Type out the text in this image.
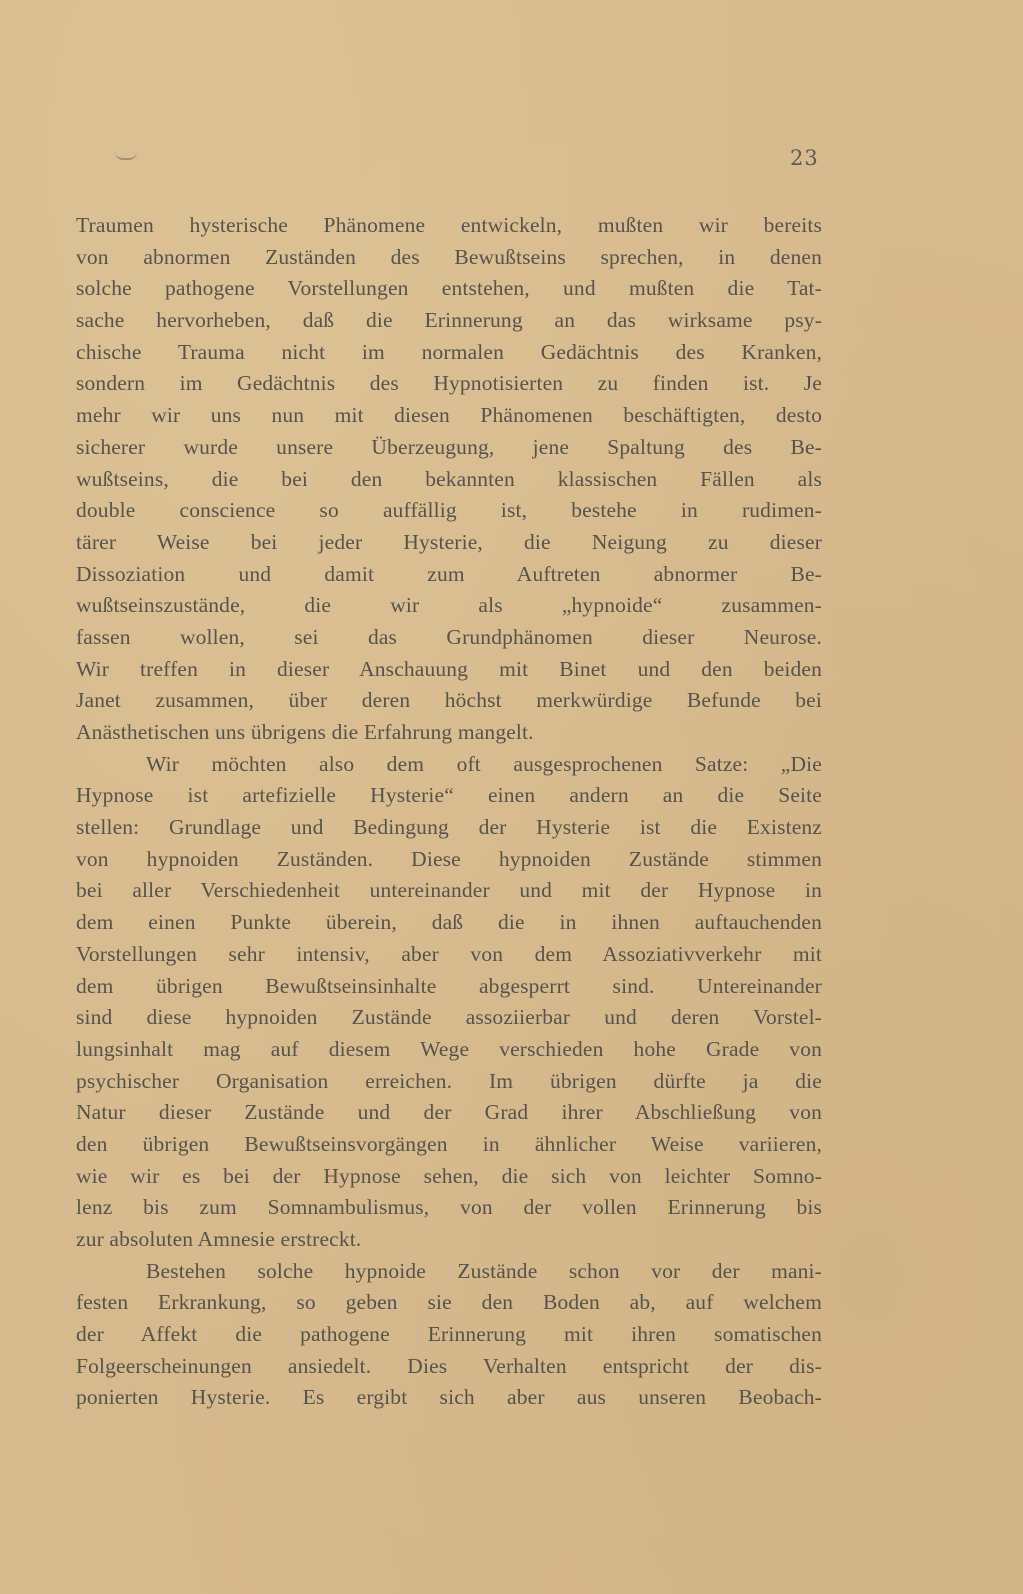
23
Traumen hysterische Phänomene entwickeln, mußten wir bereits
von abnormen Zuständen des Bewußtseins sprechen, in denen
solche pathogene Vorstellungen entstehen, und mußten die Tat-
sache hervorheben, daß die Erinnerung an das wirksame psy-
chische Trauma nicht im normalen Gedächtnis des Kranken,
sondern im Gedächtnis des Hypnotisierten zu finden ist. Je
mehr wir uns nun mit diesen Phänomenen beschäftigten, desto
sicherer wurde unsere Überzeugung, jene Spaltung des Be-
wußtseins, die bei den bekannten klassischen Fällen als
double conscience so auffällig ist, bestehe in rudimen-
tärer Weise bei jeder Hysterie, die Neigung zu dieser
Dissoziation und damit zum Auftreten abnormer Be-
wußtseinszustände, die wir als „hypnoide“ zusammen-
fassen wollen, sei das Grundphänomen dieser Neurose.
Wir treffen in dieser Anschauung mit Binet und den beiden
Janet zusammen, über deren höchst merkwürdige Befunde bei
Anästhetischen uns übrigens die Erfahrung mangelt.
Wir möchten also dem oft ausgesprochenen Satze: „Die
Hypnose ist artefizielle Hysterie“ einen andern an die Seite
stellen: Grundlage und Bedingung der Hysterie ist die Existenz
von hypnoiden Zuständen. Diese hypnoiden Zustände stimmen
bei aller Verschiedenheit untereinander und mit der Hypnose in
dem einen Punkte überein, daß die in ihnen auftauchenden
Vorstellungen sehr intensiv, aber von dem Assoziativverkehr mit
dem übrigen Bewußtseinsinhalte abgesperrt sind. Untereinander
sind diese hypnoiden Zustände assoziierbar und deren Vorstel-
lungsinhalt mag auf diesem Wege verschieden hohe Grade von
psychischer Organisation erreichen. Im übrigen dürfte ja die
Natur dieser Zustände und der Grad ihrer Abschließung von
den übrigen Bewußtseinsvorgängen in ähnlicher Weise variieren,
wie wir es bei der Hypnose sehen, die sich von leichter Somno-
lenz bis zum Somnambulismus, von der vollen Erinnerung bis
zur absoluten Amnesie erstreckt.
Bestehen solche hypnoide Zustände schon vor der mani-
festen Erkrankung, so geben sie den Boden ab, auf welchem
der Affekt die pathogene Erinnerung mit ihren somatischen
Folgeerscheinungen ansiedelt. Dies Verhalten entspricht der dis-
ponierten Hysterie. Es ergibt sich aber aus unseren Beobach-
